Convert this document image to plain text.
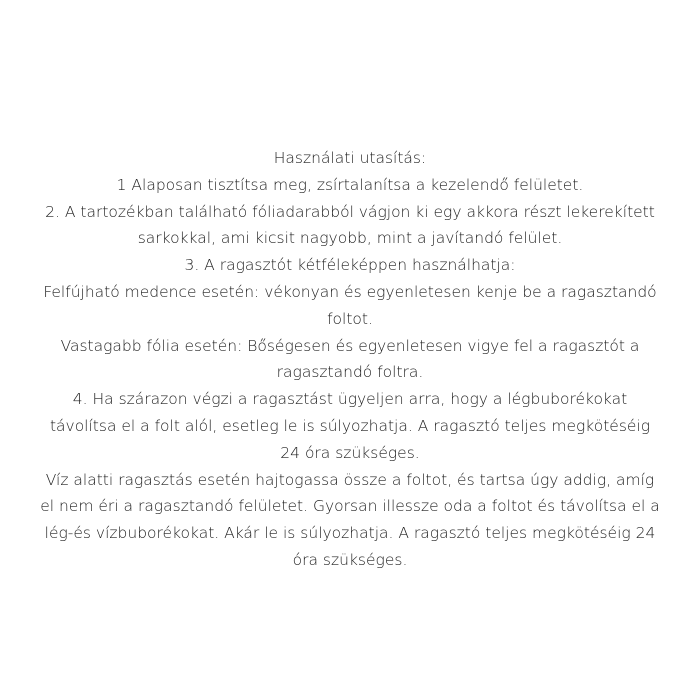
Használati utasítás:
1 Alaposan tisztítsa meg, zsírtalanítsa a kezelendő felületet.
2. A tartozékban található fóliadarabból vágjon ki egy akkora részt lekerekített
sarkokkal, ami kicsit nagyobb, mint a javítandó felület.
3. A ragasztót kétféleképpen használhatja:
Felfújható medence esetén: vékonyan és egyenletesen kenje be a ragasztandó
foltot.
Vastagabb fólia esetén: Bőségesen és egyenletesen vigye fel a ragasztót a
ragasztandó foltra.
4. Ha szárazon végzi a ragasztást ügyeljen arra, hogy a légbuborékokat
távolítsa el a folt alól, esetleg le is súlyozhatja. A ragasztó teljes megkötéséig
24 óra szükséges.
Víz alatti ragasztás esetén hajtogassa össze a foltot, és tartsa úgy addig, amíg
el nem éri a ragasztandó felületet. Gyorsan illessze oda a foltot és távolítsa el a
lég-és vízbuborékokat. Akár le is súlyozhatja. A ragasztó teljes megkötéséig 24
óra szükséges.
